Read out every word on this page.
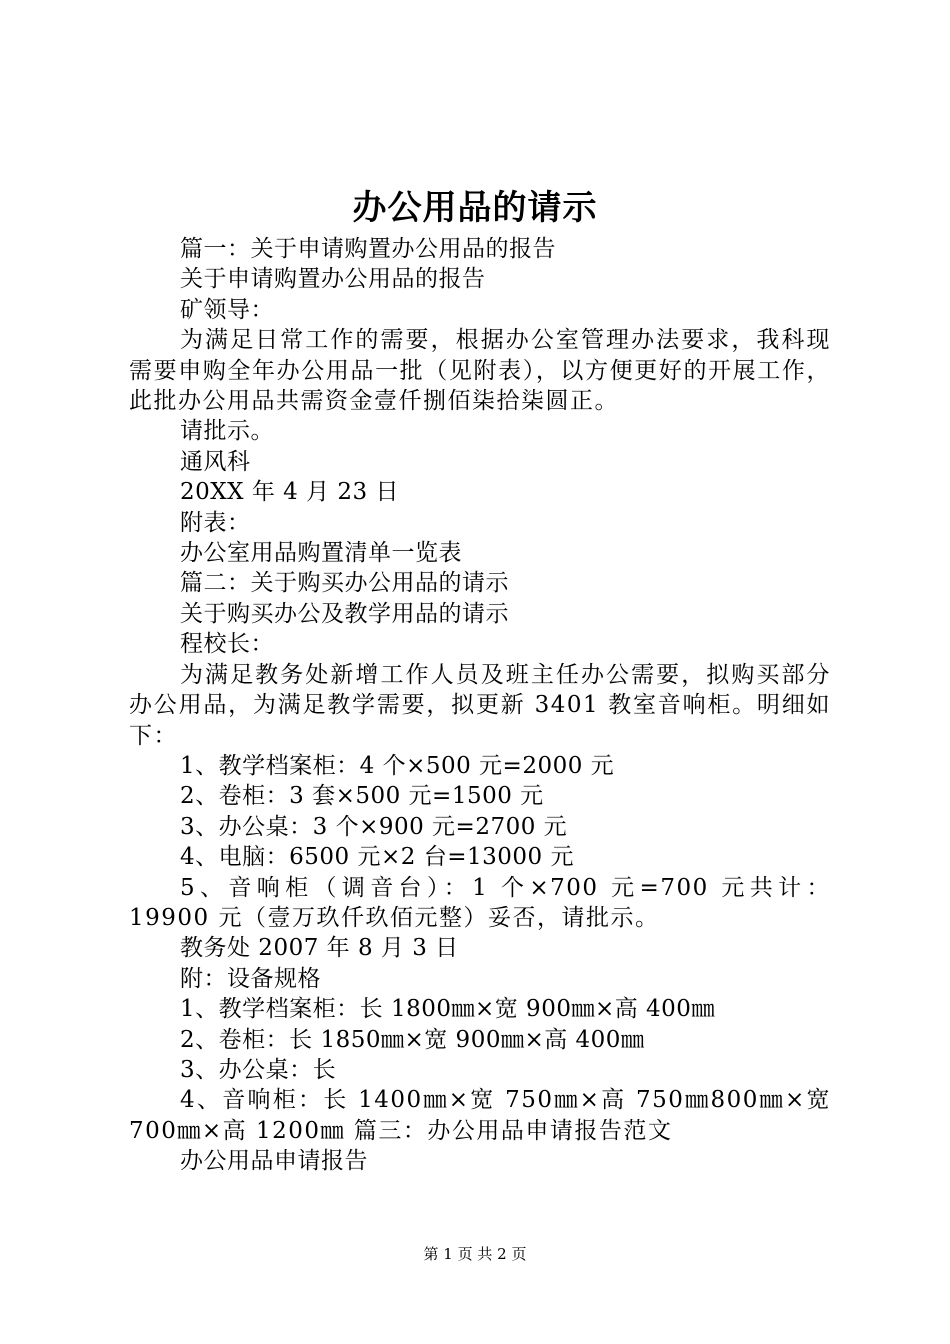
办公用品的请示
篇一：关于申请购置办公用品的报告
关于申请购置办公用品的报告
矿领导：
为满足日常工作的需要，根据办公室管理办法要求，我科现需要申购全年办公用品一批（见附表），以方便更好的开展工作，此批办公用品共需资金壹仟捌佰柒拾柒圆正。
请批示。
通风科
20XX 年 4 月 23 日
附表：
办公室用品购置清单一览表
篇二：关于购买办公用品的请示
关于购买办公及教学用品的请示
程校长：
为满足教务处新增工作人员及班主任办公需要，拟购买部分办公用品，为满足教学需要，拟更新 3401 教室音响柜。明细如下：
1、教学档案柜：4 个×500 元=2000 元
2、卷柜：3 套×500 元=1500 元
3、办公桌：3 个×900 元=2700 元
4、电脑：6500 元×2 台=13000 元
5、音响柜（调音台）：1 个×700 元=700 元共计：19900 元（壹万玖仟玖佰元整）妥否，请批示。
教务处 2007 年 8 月 3 日
附：设备规格
1、教学档案柜：长 1800㎜×宽 900㎜×高 400㎜
2、卷柜：长 1850㎜×宽 900㎜×高 400㎜
3、办公桌：长
4、音响柜：长 1400㎜×宽 750㎜×高 750㎜800㎜×宽 700㎜×高 1200㎜ 篇三：办公用品申请报告范文
办公用品申请报告

第 1 页 共 2 页
